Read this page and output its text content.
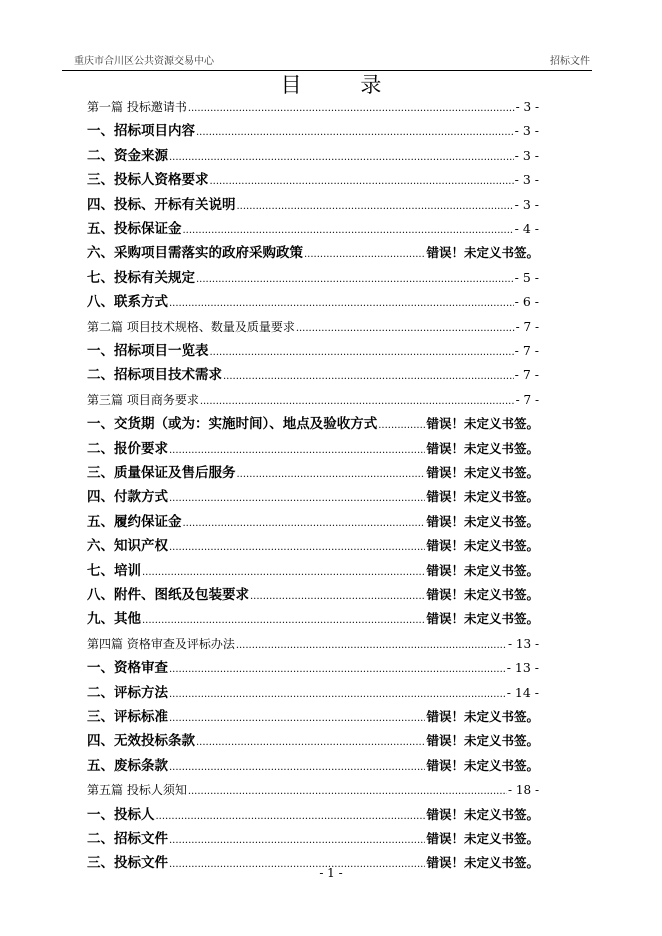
重庆市合川区公共资源交易中心	招标文件
目 录
第一篇 投标邀请书 .....	- 3 -
一、招标项目内容 .....	- 3 -
二、资金来源 .....	- 3 -
三、投标人资格要求 .....	- 3 -
四、投标、开标有关说明 .....	- 3 -
五、投标保证金 .....	- 4 -
六、采购项目需落实的政府采购政策 .....	错误！未定义书签。
七、投标有关规定 .....	- 5 -
八、联系方式 .....	- 6 -
第二篇 项目技术规格、数量及质量要求 .....	- 7 -
一、招标项目一览表 .....	- 7 -
二、招标项目技术需求 .....	- 7 -
第三篇 项目商务要求 .....	- 7 -
一、交货期（或为：实施时间）、地点及验收方式 .....	错误！未定义书签。
二、报价要求 .....	错误！未定义书签。
三、质量保证及售后服务 .....	错误！未定义书签。
四、付款方式 .....	错误！未定义书签。
五、履约保证金 .....	错误！未定义书签。
六、知识产权 .....	错误！未定义书签。
七、培训 .....	错误！未定义书签。
八、附件、图纸及包装要求 .....	错误！未定义书签。
九、其他 .....	错误！未定义书签。
第四篇 资格审查及评标办法 .....	- 13 -
一、资格审查 .....	- 13 -
二、评标方法 .....	- 14 -
三、评标标准 .....	错误！未定义书签。
四、无效投标条款 .....	错误！未定义书签。
五、废标条款 .....	错误！未定义书签。
第五篇 投标人须知 .....	- 18 -
一、投标人 .....	错误！未定义书签。
二、招标文件 .....	错误！未定义书签。
三、投标文件 .....	错误！未定义书签。
- 1 -
